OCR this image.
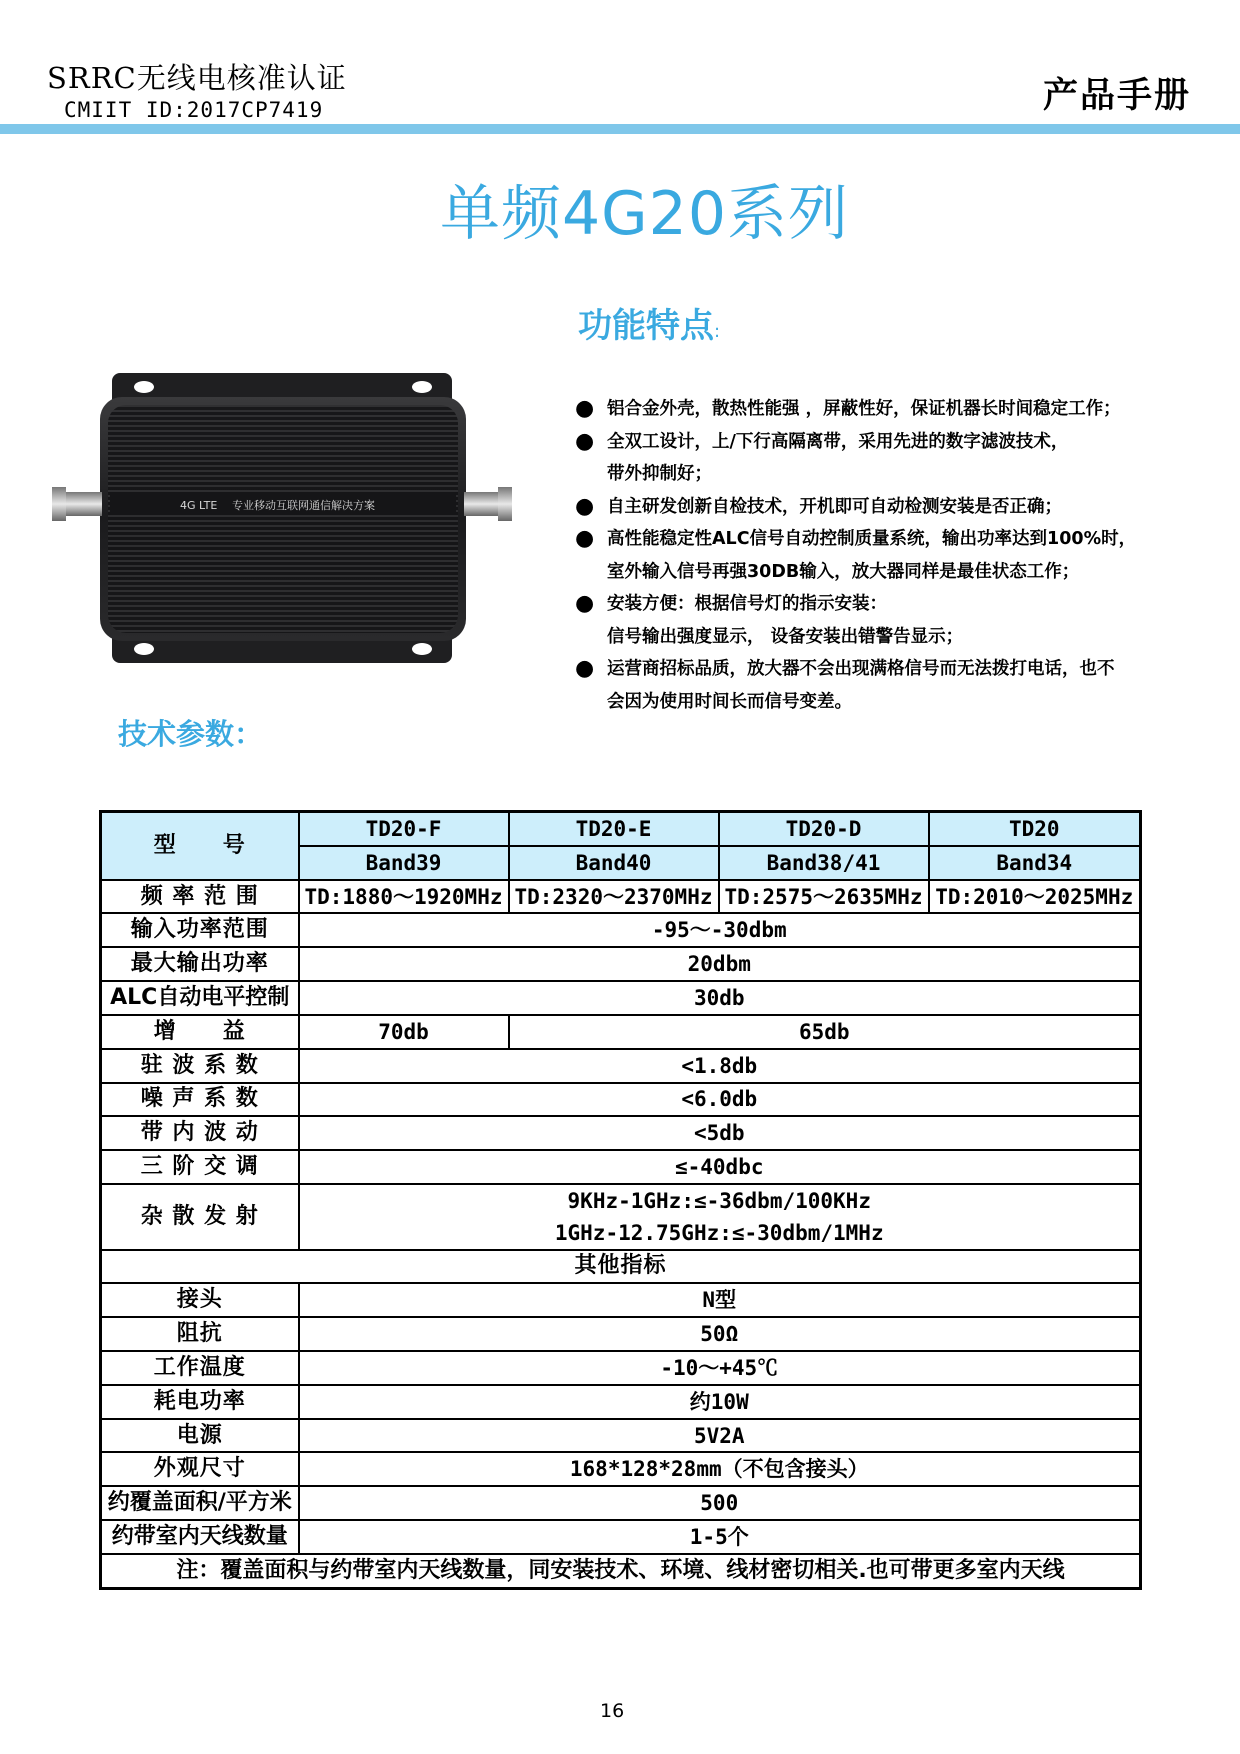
SRRC无线电核准认证
CMIIT ID:2017CP7419	产品手册
单频4G20系列
功能特点:
4G LTE 专业移动互联网通信解决方案
● 铝合金外壳，散热性能强 ，屏蔽性好，保证机器长时间稳定工作；
● 全双工设计，上/下行高隔离带，采用先进的数字滤波技术，
带外抑制好；
● 自主研发创新自检技术，开机即可自动检测安装是否正确；
● 高性能稳定性ALC信号自动控制质量系统，输出功率达到100%时，
室外输入信号再强30DB输入，放大器同样是最佳状态工作；
● 安装方便：根据信号灯的指示安装：
信号输出强度显示， 设备安装出错警告显示；
● 运营商招标品质，放大器不会出现满格信号而无法拨打电话，也不
会因为使用时间长而信号变差。
技术参数：
型　　号	TD20-F	TD20-E	TD20-D	TD20
	Band39	Band40	Band38/41	Band34
频 率 范 围	TD:1880～1920MHz	TD:2320～2370MHz	TD:2575～2635MHz	TD:2010～2025MHz
输入功率范围	-95～-30dbm			
最大输出功率	20dbm			
ALC自动电平控制	30db			
增　　益	70db	65db		
驻 波 系 数	<1.8db			
噪 声 系 数	<6.0db			
带 内 波 动	<5db			
三 阶 交 调	≤-40dbc			
杂 散 发 射	9KHz-1GHz:≤-36dbm/100KHz			
	1GHz-12.75GHz:≤-30dbm/1MHz			
其他指标				
接头	N型			
阻抗	50Ω			
工作温度	-10～+45℃			
耗电功率	约10W			
电源	5V2A			
外观尺寸	168*128*28mm（不包含接头）			
约覆盖面积/平方米	500			
约带室内天线数量	1-5个			
注：覆盖面积与约带室内天线数量，同安装技术、环境、线材密切相关.也可带更多室内天线				
16
